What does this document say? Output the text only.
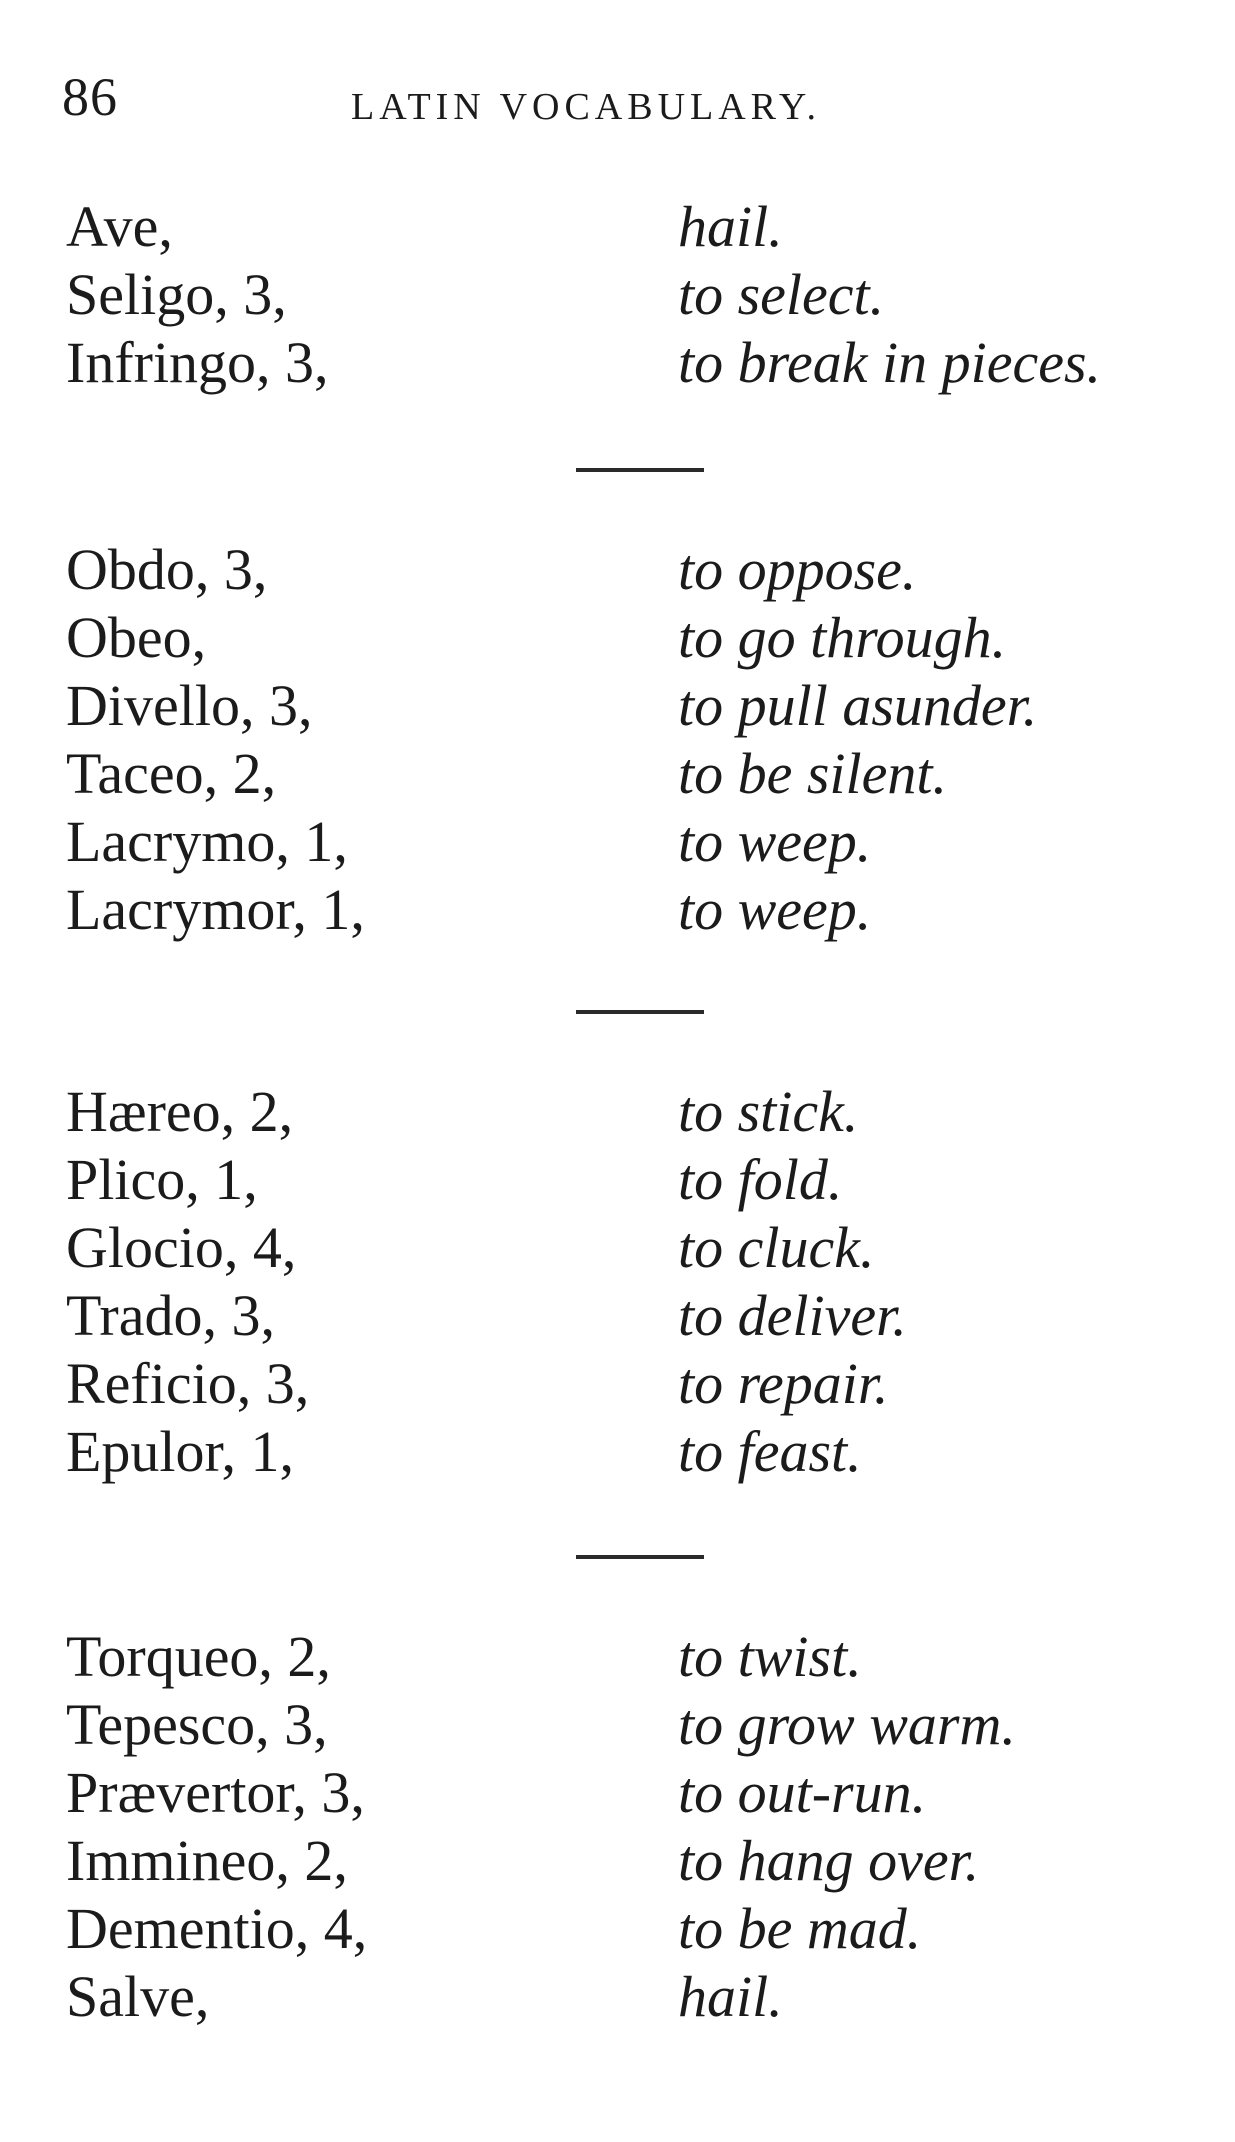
86	LATIN VOCABULARY.
Ave,	hail.
Seligo, 3,	to select.
Infringo, 3,	to break in pieces.
Obdo, 3,	to oppose.
Obeo,	to go through.
Divello, 3,	to pull asunder.
Taceo, 2,	to be silent.
Lacrymo, 1,	to weep.
Lacrymor, 1,	to weep.
Hæreo, 2,	to stick.
Plico, 1,	to fold.
Glocio, 4,	to cluck.
Trado, 3,	to deliver.
Reficio, 3,	to repair.
Epulor, 1,	to feast.
Torqueo, 2,	to twist.
Tepesco, 3,	to grow warm.
Prævertor, 3,	to out-run.
Immineo, 2,	to hang over.
Dementio, 4,	to be mad.
Salve,	hail.
